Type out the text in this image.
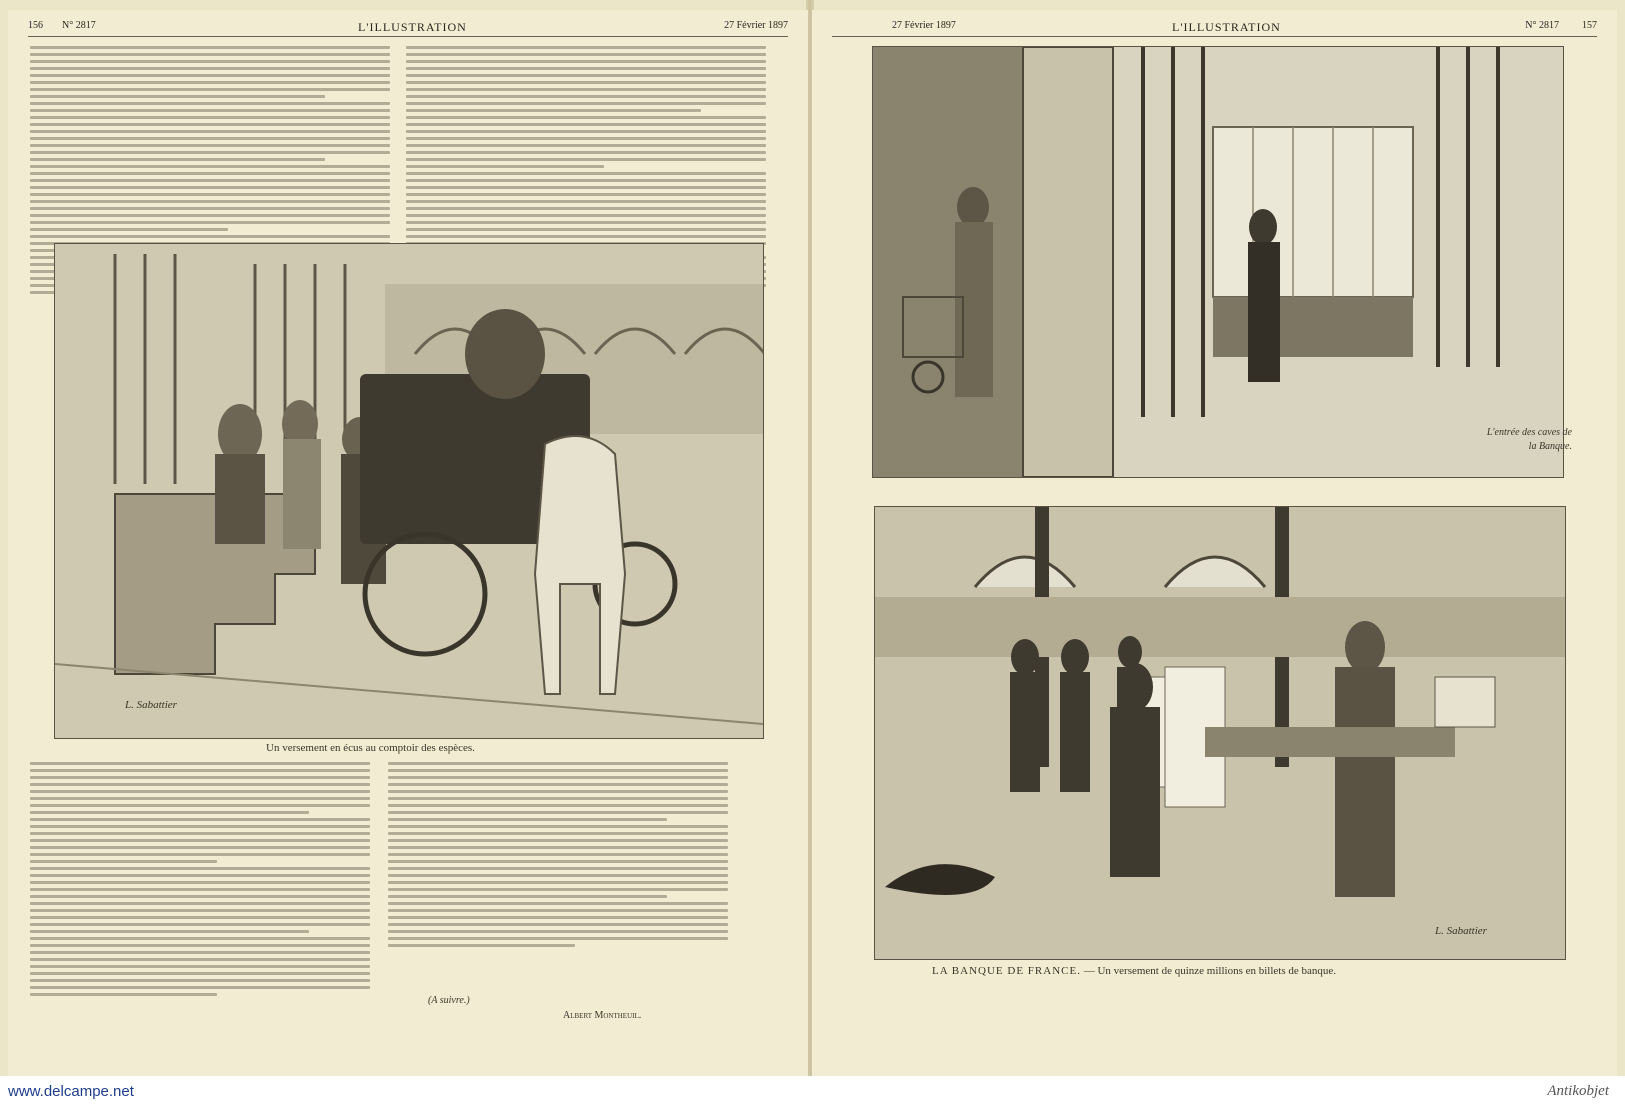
156 N° 2817	L'ILLUSTRATION	27 Février 1897
L. Sabattier
Un versement en écus au comptoir des espèces.
(A suivre.)
Albert Montheuil.
27 Février 1897	L'ILLUSTRATION	N° 2817 157
L'entrée des caves de la Banque.
L. Sabattier
LA BANQUE DE FRANCE. — Un versement de quinze millions en billets de banque.
www.delcampe.net	Antikobjet
